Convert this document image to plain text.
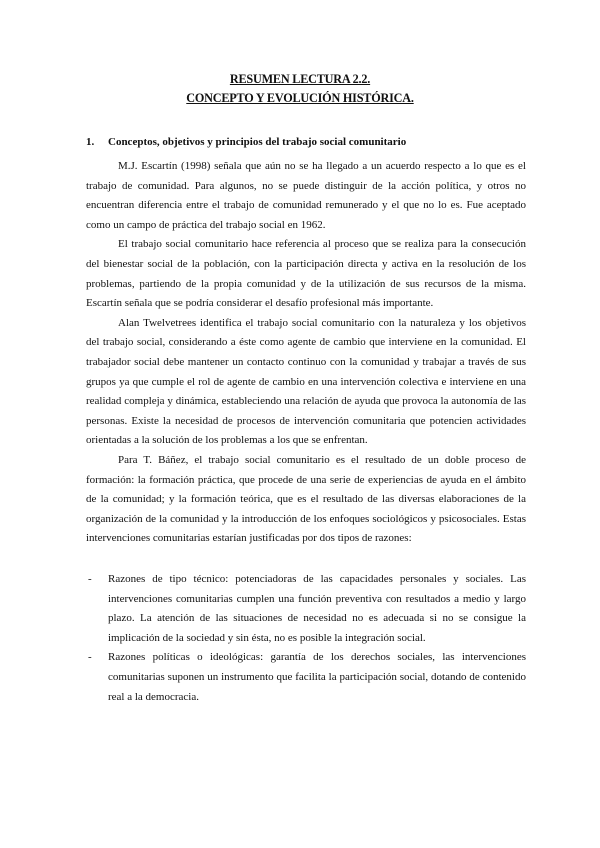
RESUMEN LECTURA 2.2.
CONCEPTO Y EVOLUCIÓN HISTÓRICA.
1. Conceptos, objetivos y principios del trabajo social comunitario

M.J. Escartín (1998) señala que aún no se ha llegado a un acuerdo respecto a lo que es el trabajo de comunidad. Para algunos, no se puede distinguir de la acción política, y otros no encuentran diferencia entre el trabajo de comunidad remunerado y el que no lo es. Fue aceptado como un campo de práctica del trabajo social en 1962.

El trabajo social comunitario hace referencia al proceso que se realiza para la consecución del bienestar social de la población, con la participación directa y activa en la resolución de los problemas, partiendo de la propia comunidad y de la utilización de sus recursos de la misma. Escartín señala que se podría considerar el desafío profesional más importante.

Alan Twelvetrees identifica el trabajo social comunitario con la naturaleza y los objetivos del trabajo social, considerando a éste como agente de cambio que interviene en la comunidad. El trabajador social debe mantener un contacto continuo con la comunidad y trabajar a través de sus grupos ya que cumple el rol de agente de cambio en una intervención colectiva e interviene en una realidad compleja y dinámica, estableciendo una relación de ayuda que provoca la autonomía de las personas. Existe la necesidad de procesos de intervención comunitaria que potencien actividades orientadas a la solución de los problemas a los que se enfrentan.

Para T. Báñez, el trabajo social comunitario es el resultado de un doble proceso de formación: la formación práctica, que procede de una serie de experiencias de ayuda en el ámbito de la comunidad; y la formación teórica, que es el resultado de las diversas elaboraciones de la organización de la comunidad y la introducción de los enfoques sociológicos y psicosociales. Estas intervenciones comunitarias estarían justificadas por dos tipos de razones:

- Razones de tipo técnico: potenciadoras de las capacidades personales y sociales. Las intervenciones comunitarias cumplen una función preventiva con resultados a medio y largo plazo. La atención de las situaciones de necesidad no es adecuada si no se consigue la implicación de la sociedad y sin ésta, no es posible la integración social.
- Razones políticas o ideológicas: garantía de los derechos sociales, las intervenciones comunitarias suponen un instrumento que facilita la participación social, dotando de contenido real a la democracia.
